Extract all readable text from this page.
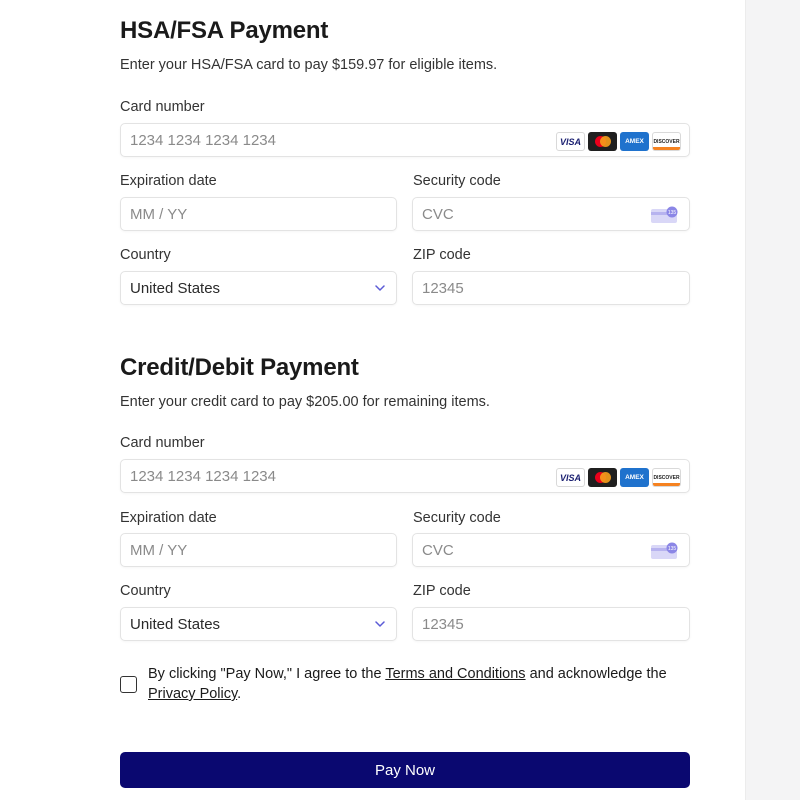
HSA/FSA Payment
Enter your HSA/FSA card to pay $159.97 for eligible items.
Card number
1234 1234 1234 1234	VISA	AMEX	DISCOVER
Expiration date
MM / YY
Security code
CVC	135
Country
United States
ZIP code
12345
Credit/Debit Payment
Enter your credit card to pay $205.00 for remaining items.
Card number
1234 1234 1234 1234	VISA	AMEX	DISCOVER
Expiration date
MM / YY
Security code
CVC	135
Country
United States
ZIP code
12345
By clicking "Pay Now," I agree to the Terms and Conditions and acknowledge the Privacy Policy.
Pay Now
